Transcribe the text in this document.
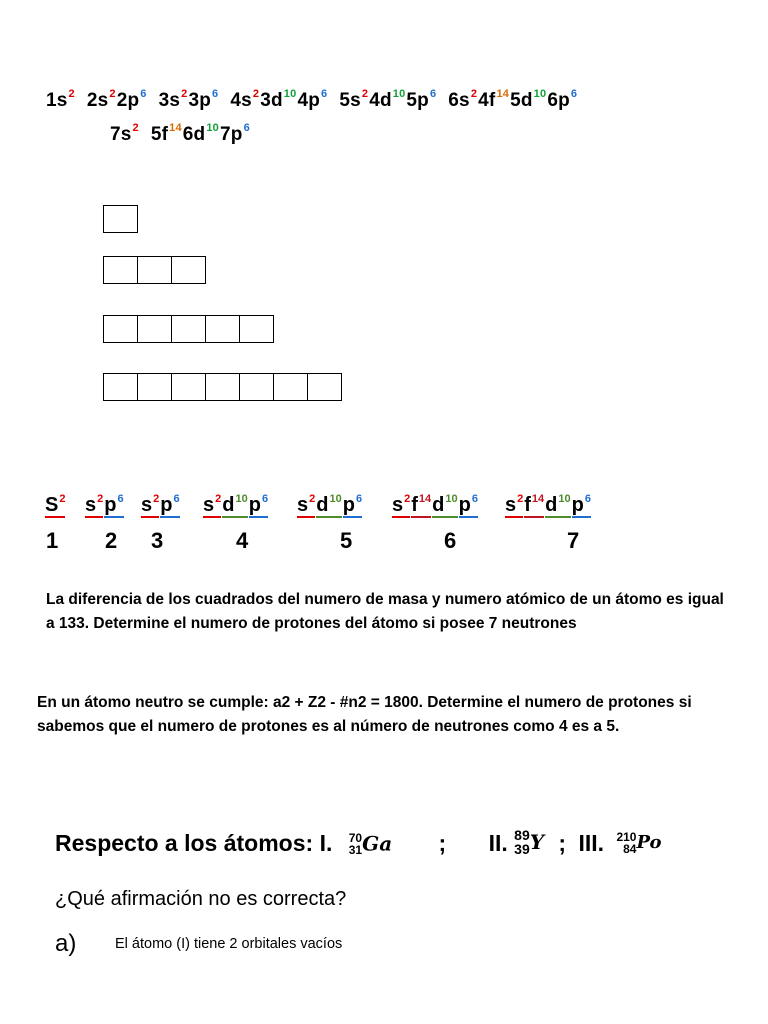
$1s^2$ $2s^22p^6$ $3s^23p^6$ $4s^23d^{10}4p^6$ $5s^24d^{10}5p^6$ $6s^24f^{14}5d^{10}6p^6$
$7s^2$ $5f^{14}6d^{10}7p^6$
$S^2$ $s^2p^6$ $s^2p^6$ $s^2d^{10}p^6$ $s^2d^{10}p^6$ $s^2f^{14}d^{10}p^6$ $s^2f^{14}d^{10}p^6$
1 2 3	4	5	6	7
La diferencia de los cuadrados del numero de masa y numero atómico de un átomo es igual a 133. Determine el numero de protones del átomo si posee 7 neutrones
En un átomo neutro se cumple: a2 + Z2 - #n2 = 1800. Determine el numero de protones si sabemos que el numero de protones es al número de neutrones como 4 es a 5.
Respecto a los átomos: I. 70
31 Ga ; II. 89
39 Y ; III. 210
84 Po
¿Qué afirmación no es correcta?
a)	El átomo (I) tiene 2 orbitales vacíos
